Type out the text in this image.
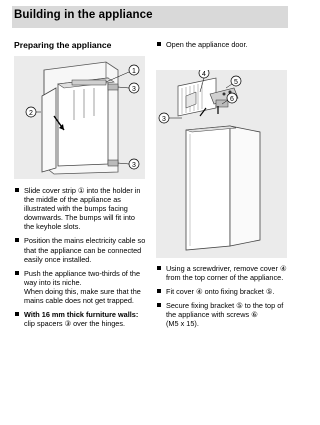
Building in the appliance
Preparing the appliance
1
3
2
3
4
5
6
3
Slide cover strip ① into the holder in the middle of the appliance as illustrated with the bumps facing downwards. The bumps will fit into the keyhole slots.
Position the mains electricity cable so that the appliance can be connected easily once installed.
Push the appliance two-thirds of the way into its niche.
When doing this, make sure that the mains cable does not get trapped.
With 16 mm thick furniture walls:
clip spacers ③ over the hinges.
Open the appliance door.
Using a screwdriver, remove cover ④ from the top corner of the appliance.
Fit cover ④ onto fixing bracket ⑤.
Secure fixing bracket ⑤ to the top of the appliance with screws ⑥
(M5 x 15).
